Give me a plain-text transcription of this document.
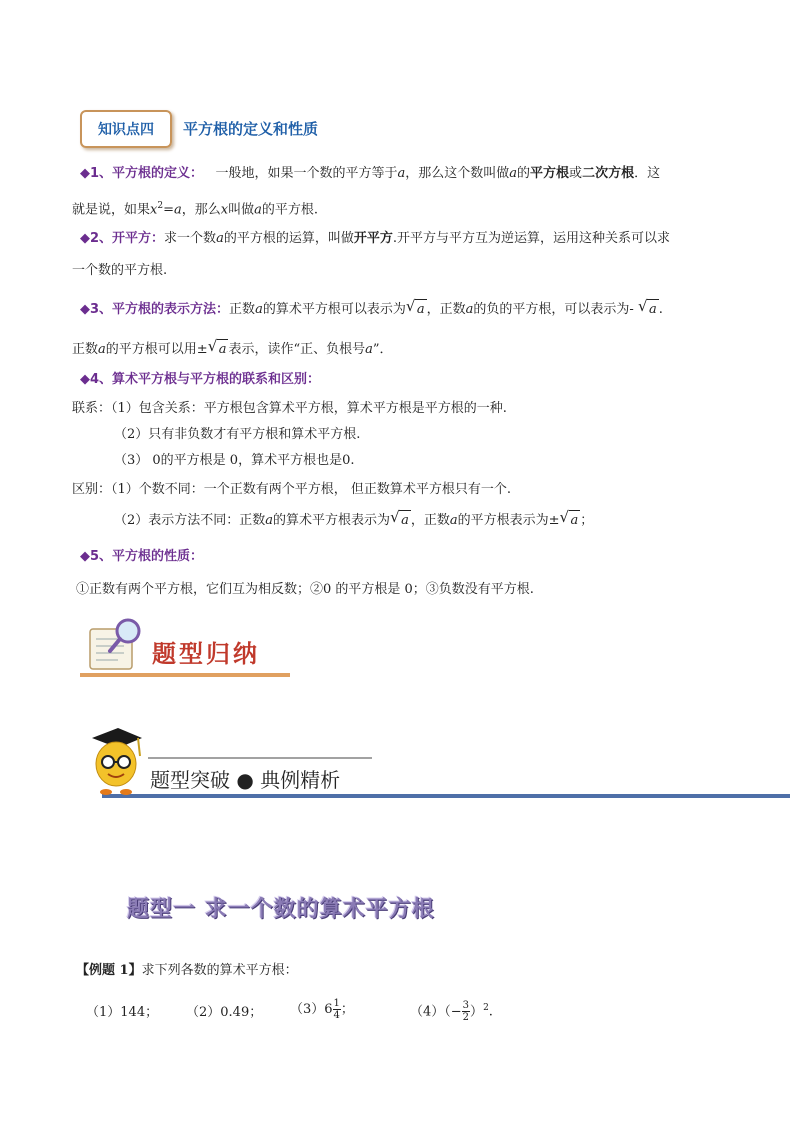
知识点四	平方根的定义和性质
◆1、平方根的定义： 一般地，如果一个数的平方等于a，那么这个数叫做a的平方根或二次方根．这
就是说，如果$x^2=a$，那么x叫做a的平方根.
◆2、开平方：求一个数a的平方根的运算，叫做开平方.开平方与平方互为逆运算，运用这种关系可以求
一个数的平方根.
◆3、平方根的表示方法：正数a的算术平方根可以表示为 √ a ，正数a的负的平方根，可以表示为- √ a .
正数a的平方根可以用± √ a 表示，读作“正、负根号a”．
◆4、算术平方根与平方根的联系和区别：
联系：（1）包含关系：平方根包含算术平方根，算术平方根是平方根的一种.
（2）只有非负数才有平方根和算术平方根.
（3） 0的平方根是 0，算术平方根也是0.
区别：（1）个数不同：一个正数有两个平方根， 但正数算术平方根只有一个.
（2）表示方法不同：正数a的算术平方根表示为 √ a ，正数a的平方根表示为± √ a ；
◆5、平方根的性质：
①正数有两个平方根，它们互为相反数；②0 的平方根是 0；③负数没有平方根.
题型归纳
题型突破 ● 典例精析
题型一 求一个数的算术平方根
【例题 1】求下列各数的算术平方根：
（1）144； （2）0.49； $(3)6 \frac{1}{4}$ ；	$(4)(- \frac{3}{2} )^2$.
